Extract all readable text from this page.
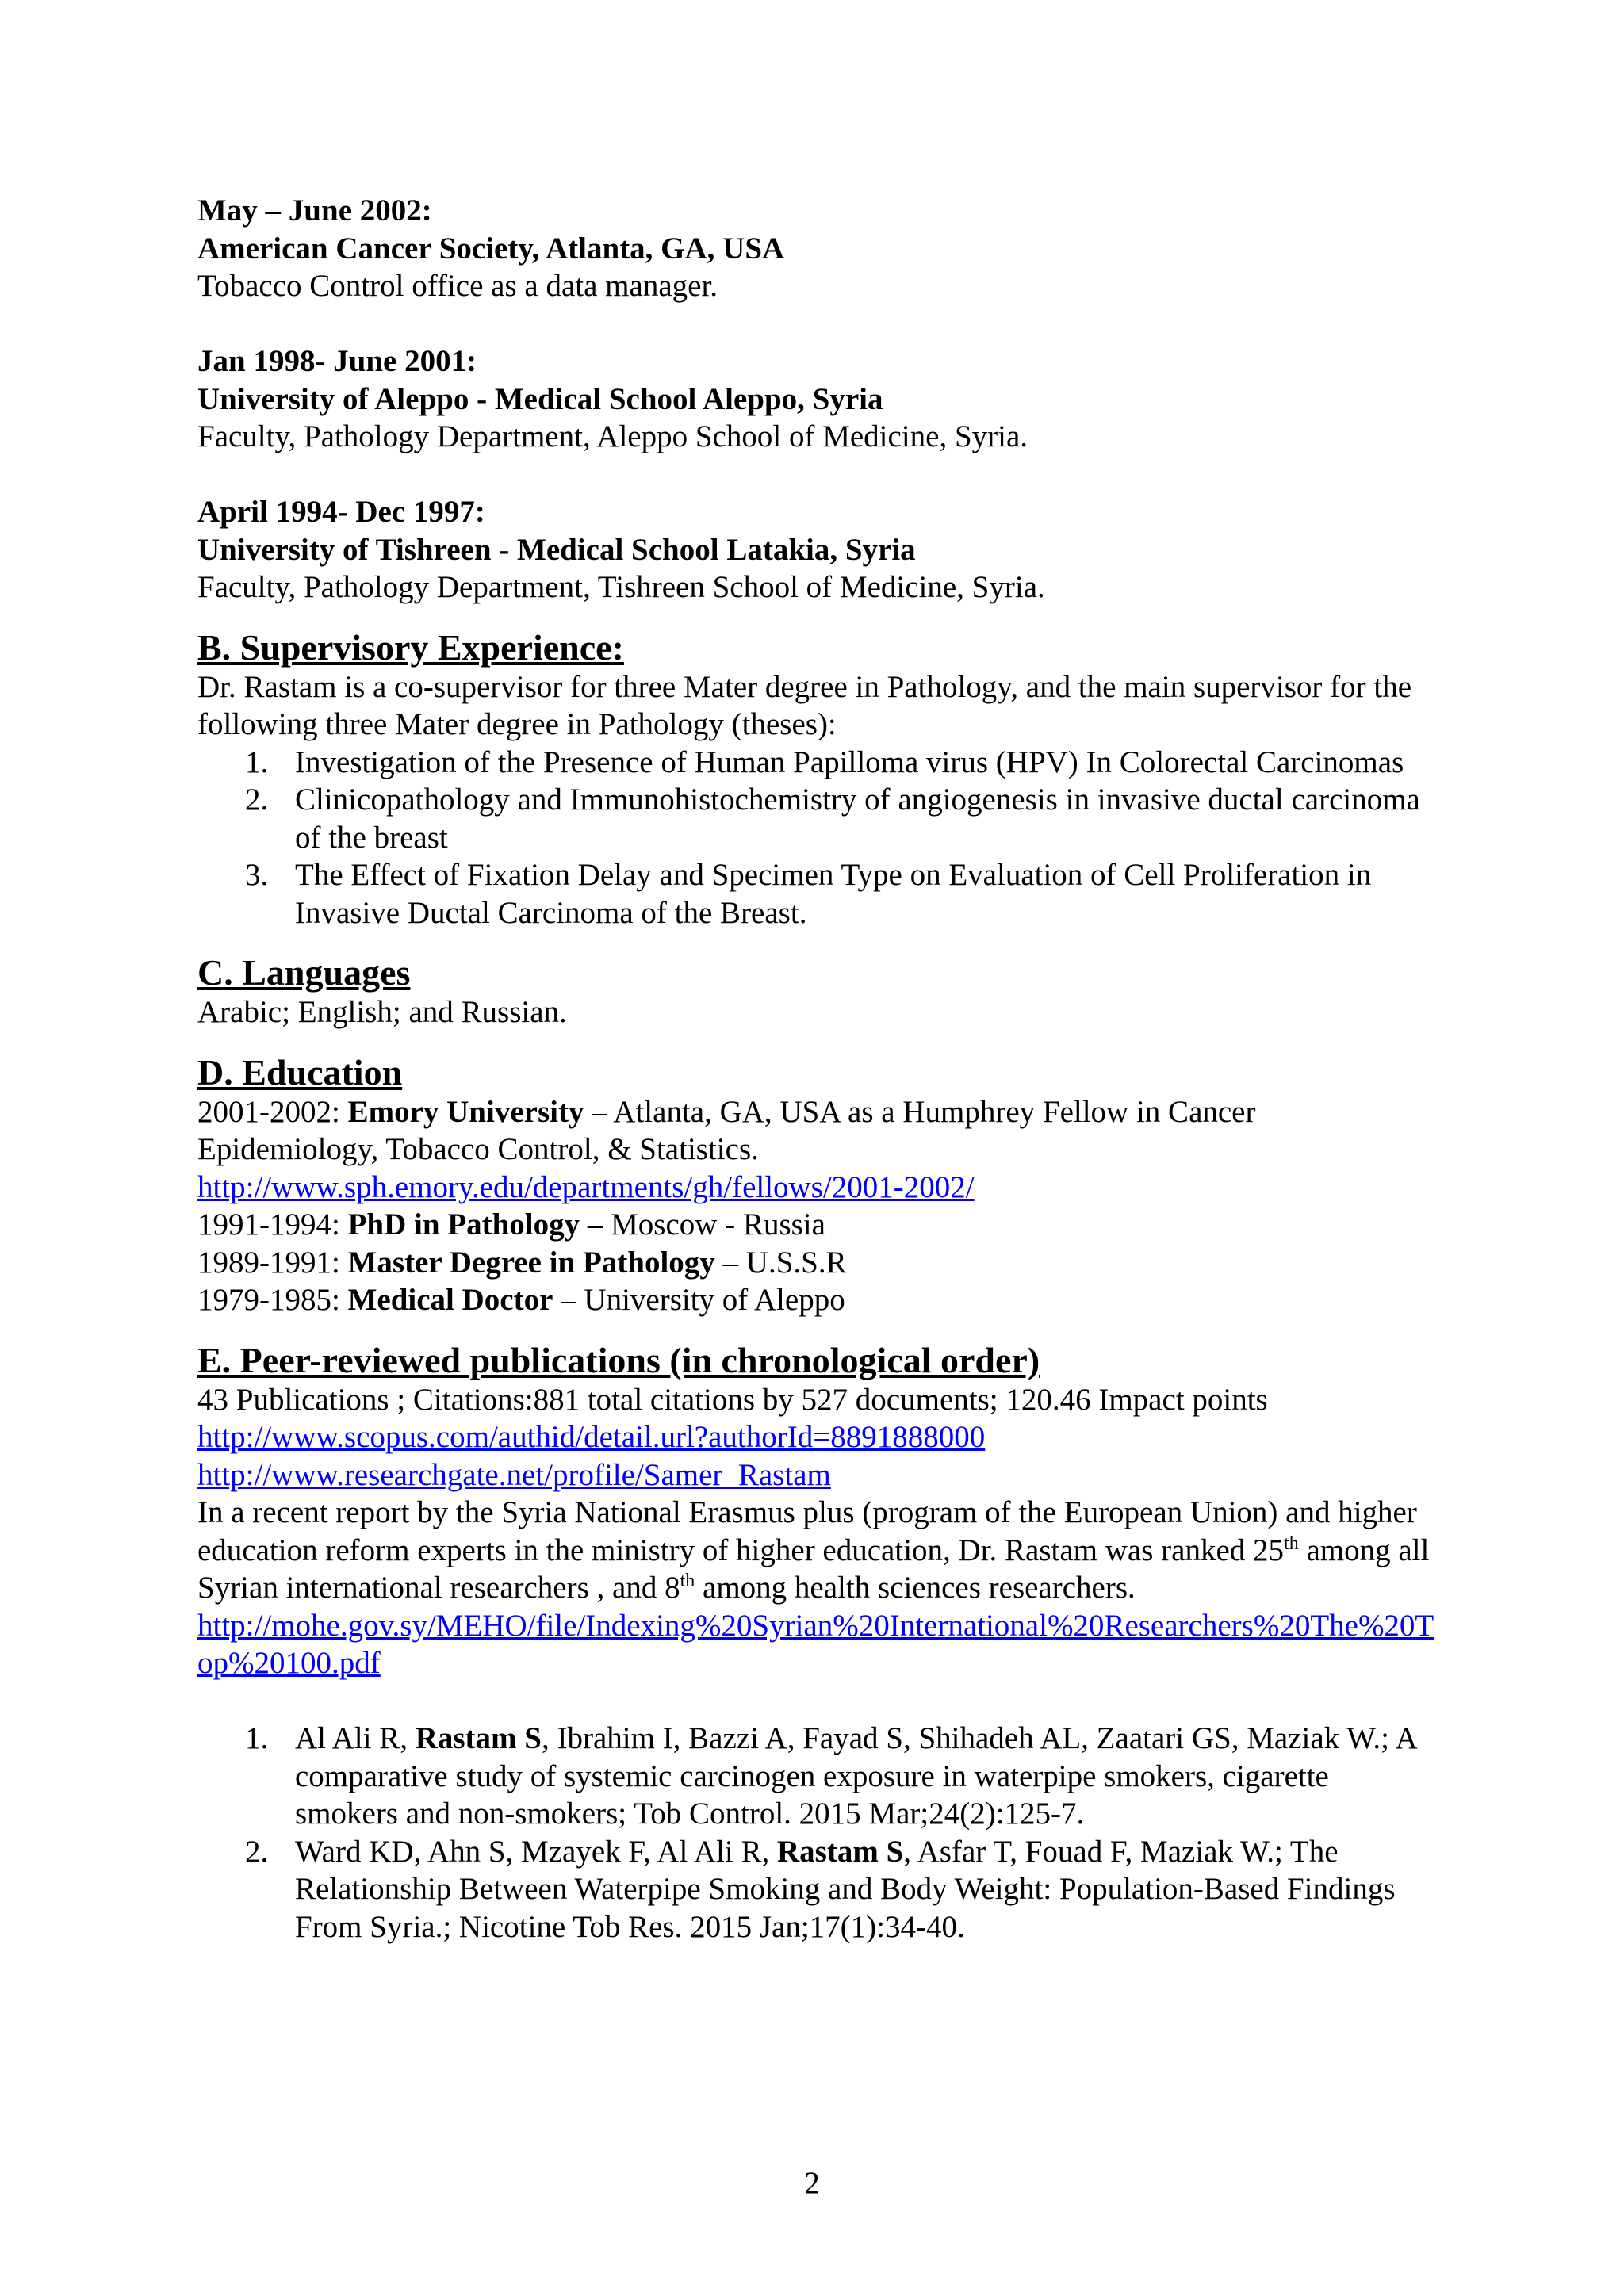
May – June 2002:
American Cancer Society, Atlanta, GA, USA
Tobacco Control office as a data manager.
Jan 1998- June 2001:
University of Aleppo - Medical School Aleppo, Syria
Faculty, Pathology Department, Aleppo School of Medicine, Syria.
April 1994- Dec 1997:
University of Tishreen - Medical School Latakia, Syria
Faculty, Pathology Department, Tishreen School of Medicine, Syria.
B. Supervisory Experience:
Dr. Rastam is a co-supervisor for three Mater degree in Pathology, and the main supervisor for the following three Mater degree in Pathology (theses):
1. Investigation of the Presence of Human Papilloma virus (HPV) In Colorectal Carcinomas
2. Clinicopathology and Immunohistochemistry of angiogenesis in invasive ductal carcinoma of the breast
3. The Effect of Fixation Delay and Specimen Type on Evaluation of Cell Proliferation in Invasive Ductal Carcinoma of the Breast.
C. Languages
Arabic; English; and Russian.
D. Education
2001-2002: Emory University – Atlanta, GA, USA as a Humphrey Fellow in Cancer Epidemiology, Tobacco Control, & Statistics.
http://www.sph.emory.edu/departments/gh/fellows/2001-2002/
1991-1994: PhD in Pathology – Moscow - Russia
1989-1991: Master Degree in Pathology – U.S.S.R
1979-1985: Medical Doctor – University of Aleppo
E. Peer-reviewed publications (in chronological order)
43 Publications ; Citations:881 total citations by 527 documents; 120.46 Impact points
http://www.scopus.com/authid/detail.url?authorId=8891888000
http://www.researchgate.net/profile/Samer_Rastam
In a recent report by the Syria National Erasmus plus (program of the European Union) and higher education reform experts in the ministry of higher education, Dr. Rastam was ranked 25th among all Syrian international researchers , and 8th among health sciences researchers.
http://mohe.gov.sy/MEHO/file/Indexing%20Syrian%20International%20Researchers%20The%20Top%20100.pdf
1. Al Ali R, Rastam S, Ibrahim I, Bazzi A, Fayad S, Shihadeh AL, Zaatari GS, Maziak W.; A comparative study of systemic carcinogen exposure in waterpipe smokers, cigarette smokers and non-smokers; Tob Control. 2015 Mar;24(2):125-7.
2. Ward KD, Ahn S, Mzayek F, Al Ali R, Rastam S, Asfar T, Fouad F, Maziak W.; The Relationship Between Waterpipe Smoking and Body Weight: Population-Based Findings From Syria.; Nicotine Tob Res. 2015 Jan;17(1):34-40.
2
